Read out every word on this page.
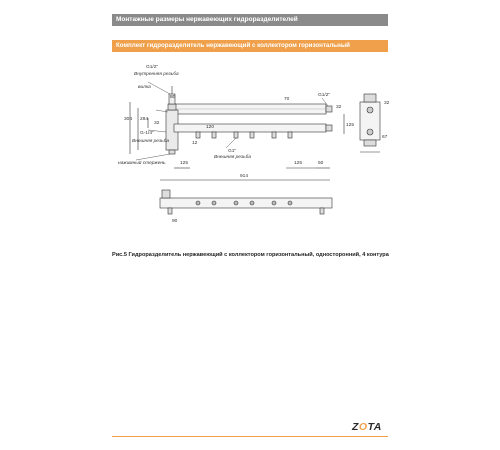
Монтажные размеры нержавеющих гидроразделителей
Комплект гидроразделитель нержавеющий с коллектором горизонтальный
G1/2"
Внутренняя резьба
вилка
G-1/4"
Внешняя резьба
нажимный стержень
G1/2"
G1"
Внешняя резьба
80
32
284
304
32
125	125	50
914
120
70
12
32
125
67
90
Рис.5 Гидроразделитель нержавеющий с коллектором горизонтальный, односторонний, 4 контура
ZOTA
